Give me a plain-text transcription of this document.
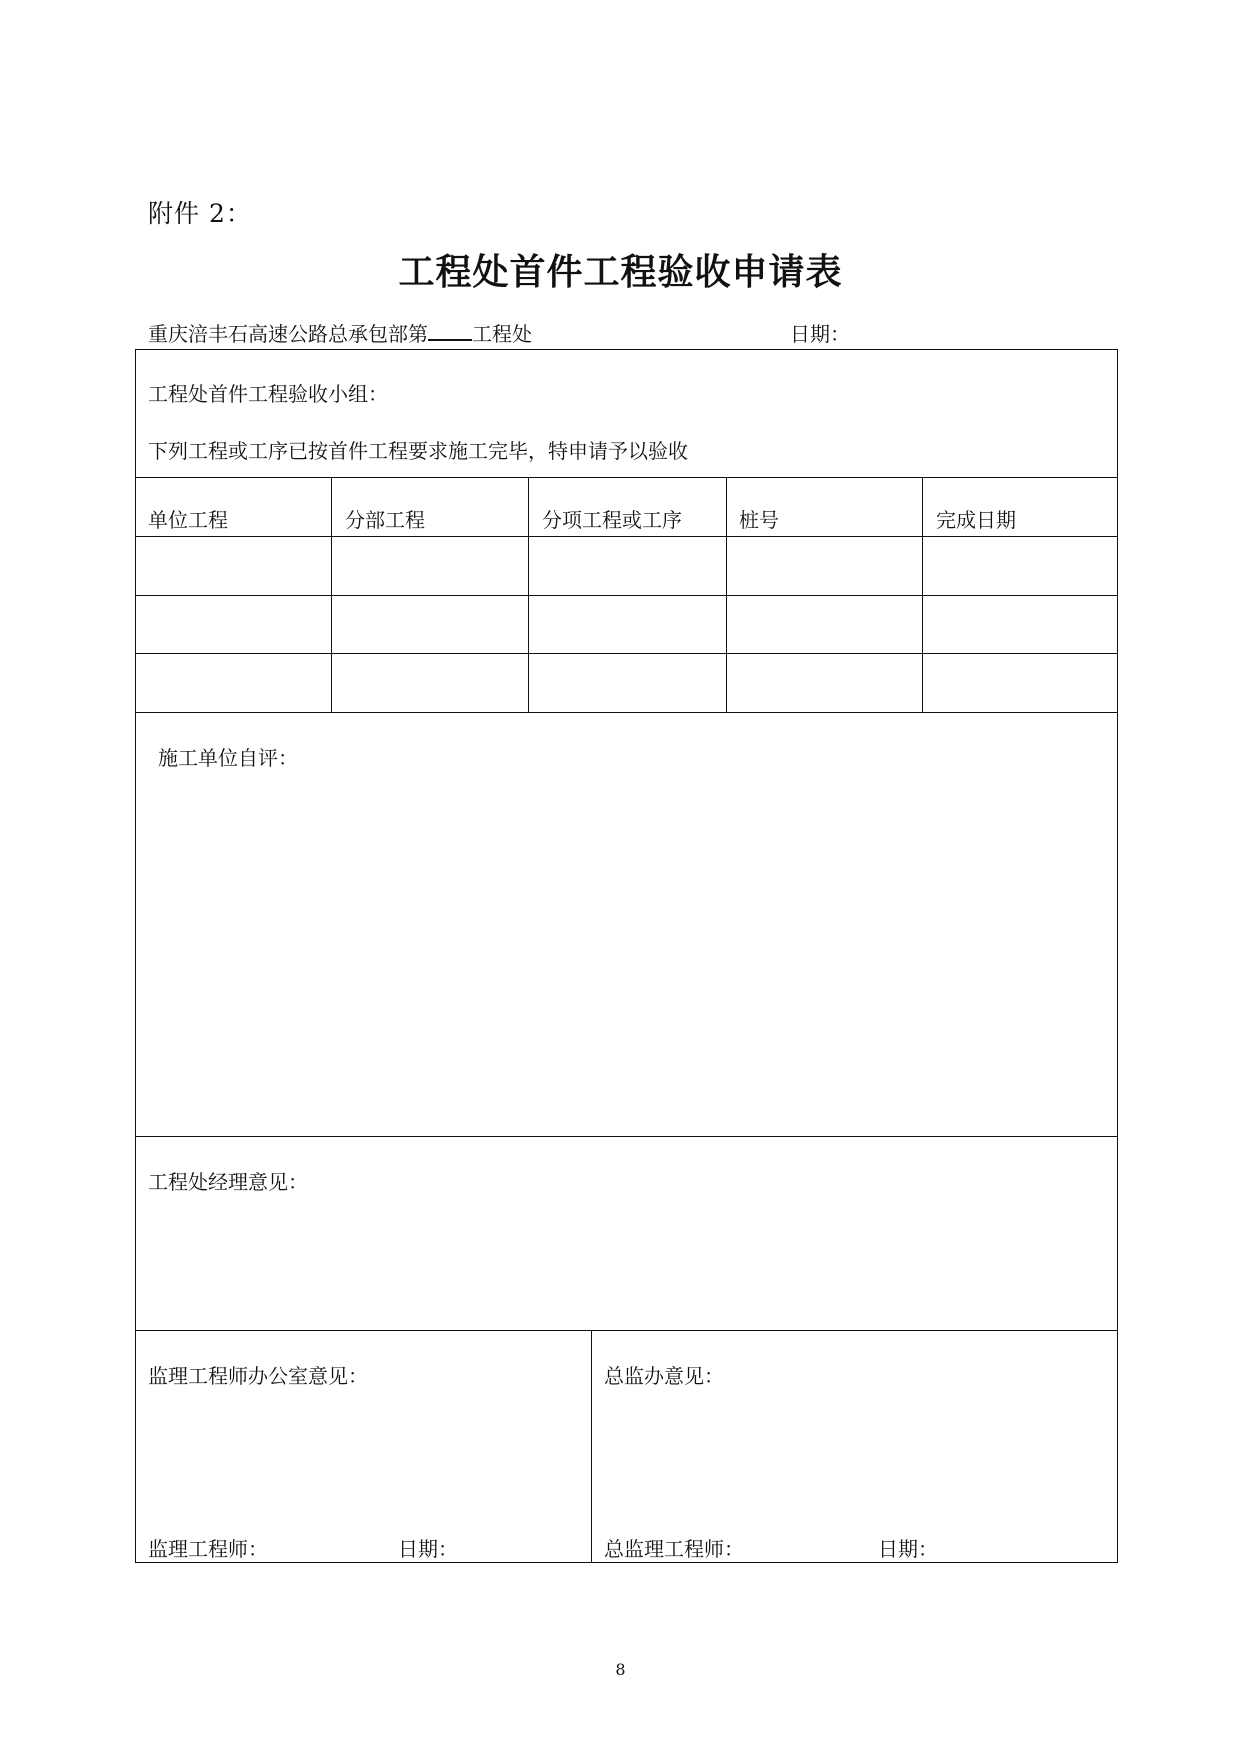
附件 2：
工程处首件工程验收申请表
重庆涪丰石高速公路总承包部第 工程处	日期：
工程处首件工程验收小组：
下列工程或工序已按首件工程要求施工完毕，特申请予以验收
单位工程	分部工程	分项工程或工序	桩号	完成日期
施工单位自评：
工程处经理意见：
监理工程师办公室意见：	总监办意见：
监理工程师：	日期：	总监理工程师：	日期：
8
